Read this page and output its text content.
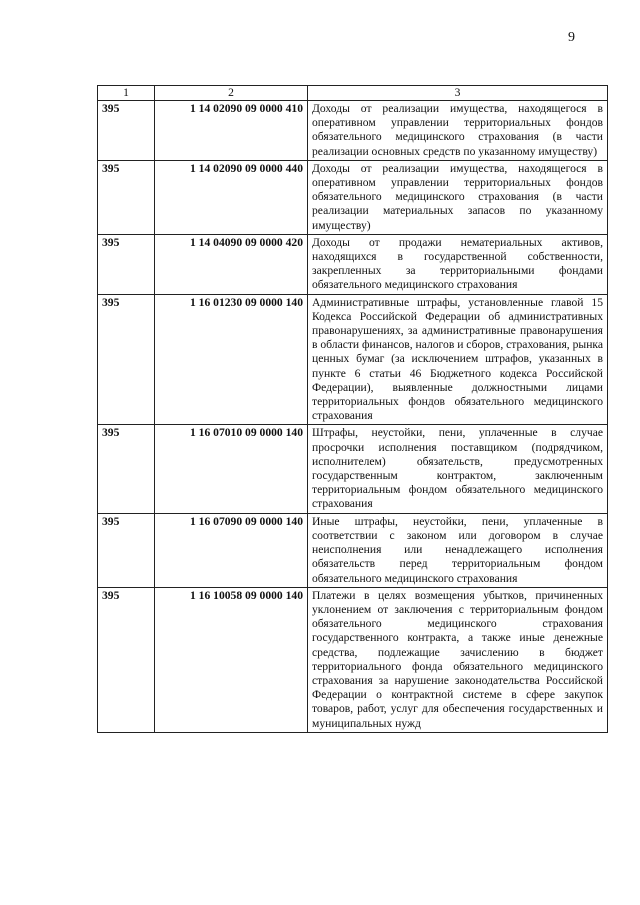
9
1	2	3
395	1 14 02090 09 0000 410	Доходы от реализации имущества, находящегося в оперативном управлении территориальных фондов обязательного медицинского страхования (в части реализации основных средств по указанному имуществу)
395	1 14 02090 09 0000 440	Доходы от реализации имущества, находящегося в оперативном управлении территориальных фондов обязательного медицинского страхования (в части реализации материальных запасов по указанному имуществу)
395	1 14 04090 09 0000 420	Доходы от продажи нематериальных активов, находящихся в государственной собственности, закрепленных за территориальными фондами обязательного медицинского страхования
395	1 16 01230 09 0000 140	Административные штрафы, установленные главой 15 Кодекса Российской Федерации об административных правонарушениях, за административные правонарушения в области финансов, налогов и сборов, страхования, рынка ценных бумаг (за исключением штрафов, указанных в пункте 6 статьи 46 Бюджетного кодекса Российской Федерации), выявленные должностными лицами территориальных фондов обязательного медицинского страхования
395	1 16 07010 09 0000 140	Штрафы, неустойки, пени, уплаченные в случае просрочки исполнения поставщиком (подрядчиком, исполнителем) обязательств, предусмотренных государственным контрактом, заключенным территориальным фондом обязательного медицинского страхования
395	1 16 07090 09 0000 140	Иные штрафы, неустойки, пени, уплаченные в соответствии с законом или договором в случае неисполнения или ненадлежащего исполнения обязательств перед территориальным фондом обязательного медицинского страхования
395	1 16 10058 09 0000 140	Платежи в целях возмещения убытков, причиненных уклонением от заключения с территориальным фондом обязательного медицинского страхования государственного контракта, а также иные денежные средства, подлежащие зачислению в бюджет территориального фонда обязательного медицинского страхования за нарушение законодательства Российской Федерации о контрактной системе в сфере закупок товаров, работ, услуг для обеспечения государственных и муниципальных нужд
